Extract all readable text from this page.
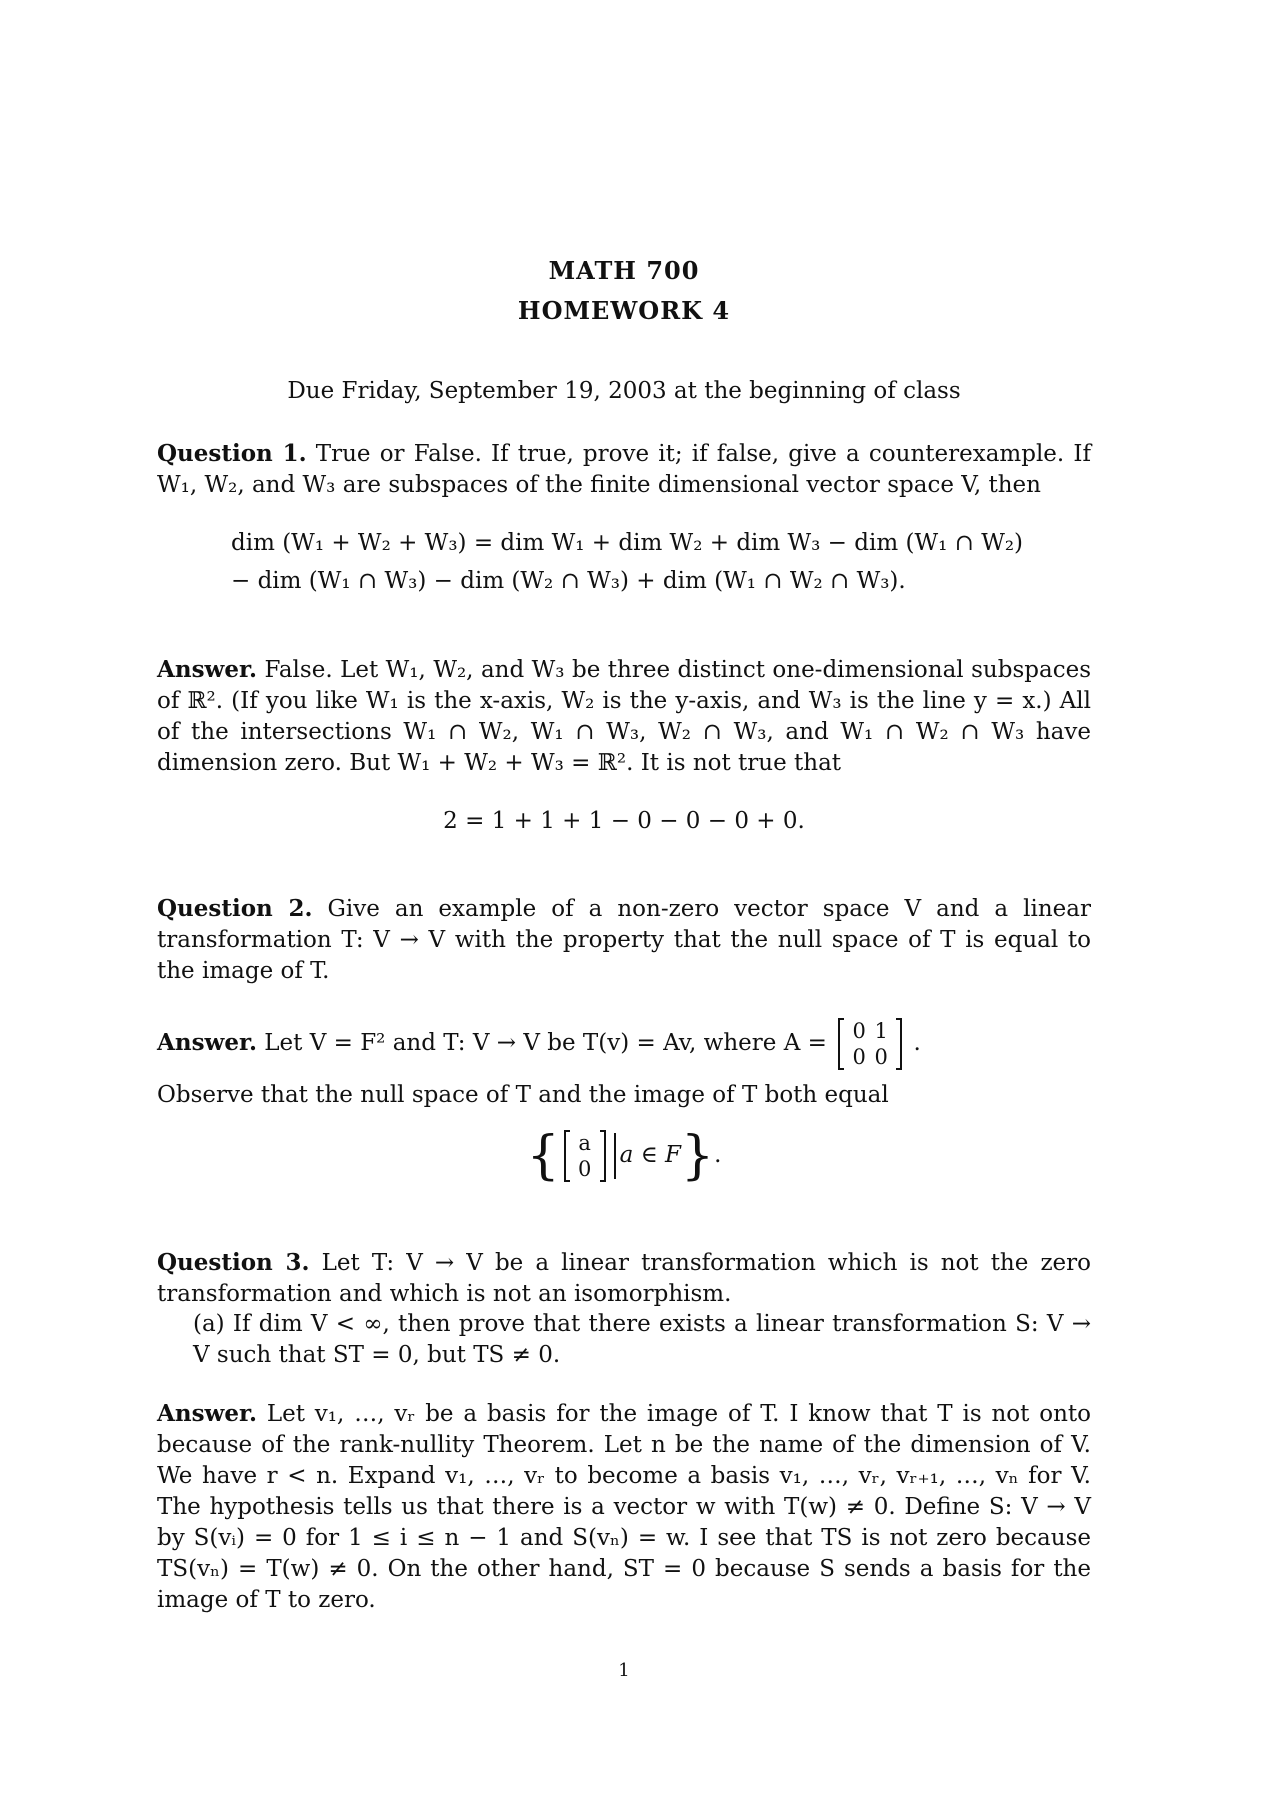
MATH 700
HOMEWORK 4
Due Friday, September 19, 2003 at the beginning of class
Question 1. True or False. If true, prove it; if false, give a counterexample. If W₁, W₂, and W₃ are subspaces of the finite dimensional vector space V, then
dim (W₁ + W₂ + W₃) = dim W₁ + dim W₂ + dim W₃ − dim (W₁ ∩ W₂)
− dim (W₁ ∩ W₃) − dim (W₂ ∩ W₃) + dim (W₁ ∩ W₂ ∩ W₃).
Answer. False. Let W₁, W₂, and W₃ be three distinct one-dimensional subspaces of ℝ². (If you like W₁ is the x-axis, W₂ is the y-axis, and W₃ is the line y = x.) All of the intersections W₁ ∩ W₂, W₁ ∩ W₃, W₂ ∩ W₃, and W₁ ∩ W₂ ∩ W₃ have dimension zero. But W₁ + W₂ + W₃ = ℝ². It is not true that
2 = 1 + 1 + 1 − 0 − 0 − 0 + 0.
Question 2. Give an example of a non-zero vector space V and a linear transformation T: V → V with the property that the null space of T is equal to the image of T.
Answer. Let V = F² and T: V → V be T(v) = Av, where A = 0 1
0 0
.
Observe that the null space of T and the image of T both equal
{ a
0
a ∈ F}.
Question 3. Let T: V → V be a linear transformation which is not the zero transformation and which is not an isomorphism.
(a) If dim V < ∞, then prove that there exists a linear transformation S: V → V such that ST = 0, but TS ≠ 0.
Answer. Let v₁, …, vᵣ be a basis for the image of T. I know that T is not onto because of the rank-nullity Theorem. Let n be the name of the dimension of V. We have r < n. Expand v₁, …, vᵣ to become a basis v₁, …, vᵣ, vᵣ₊₁, …, vₙ for V. The hypothesis tells us that there is a vector w with T(w) ≠ 0. Define S: V → V by S(vᵢ) = 0 for 1 ≤ i ≤ n − 1 and S(vₙ) = w. I see that TS is not zero because TS(vₙ) = T(w) ≠ 0. On the other hand, ST = 0 because S sends a basis for the image of T to zero.
1
